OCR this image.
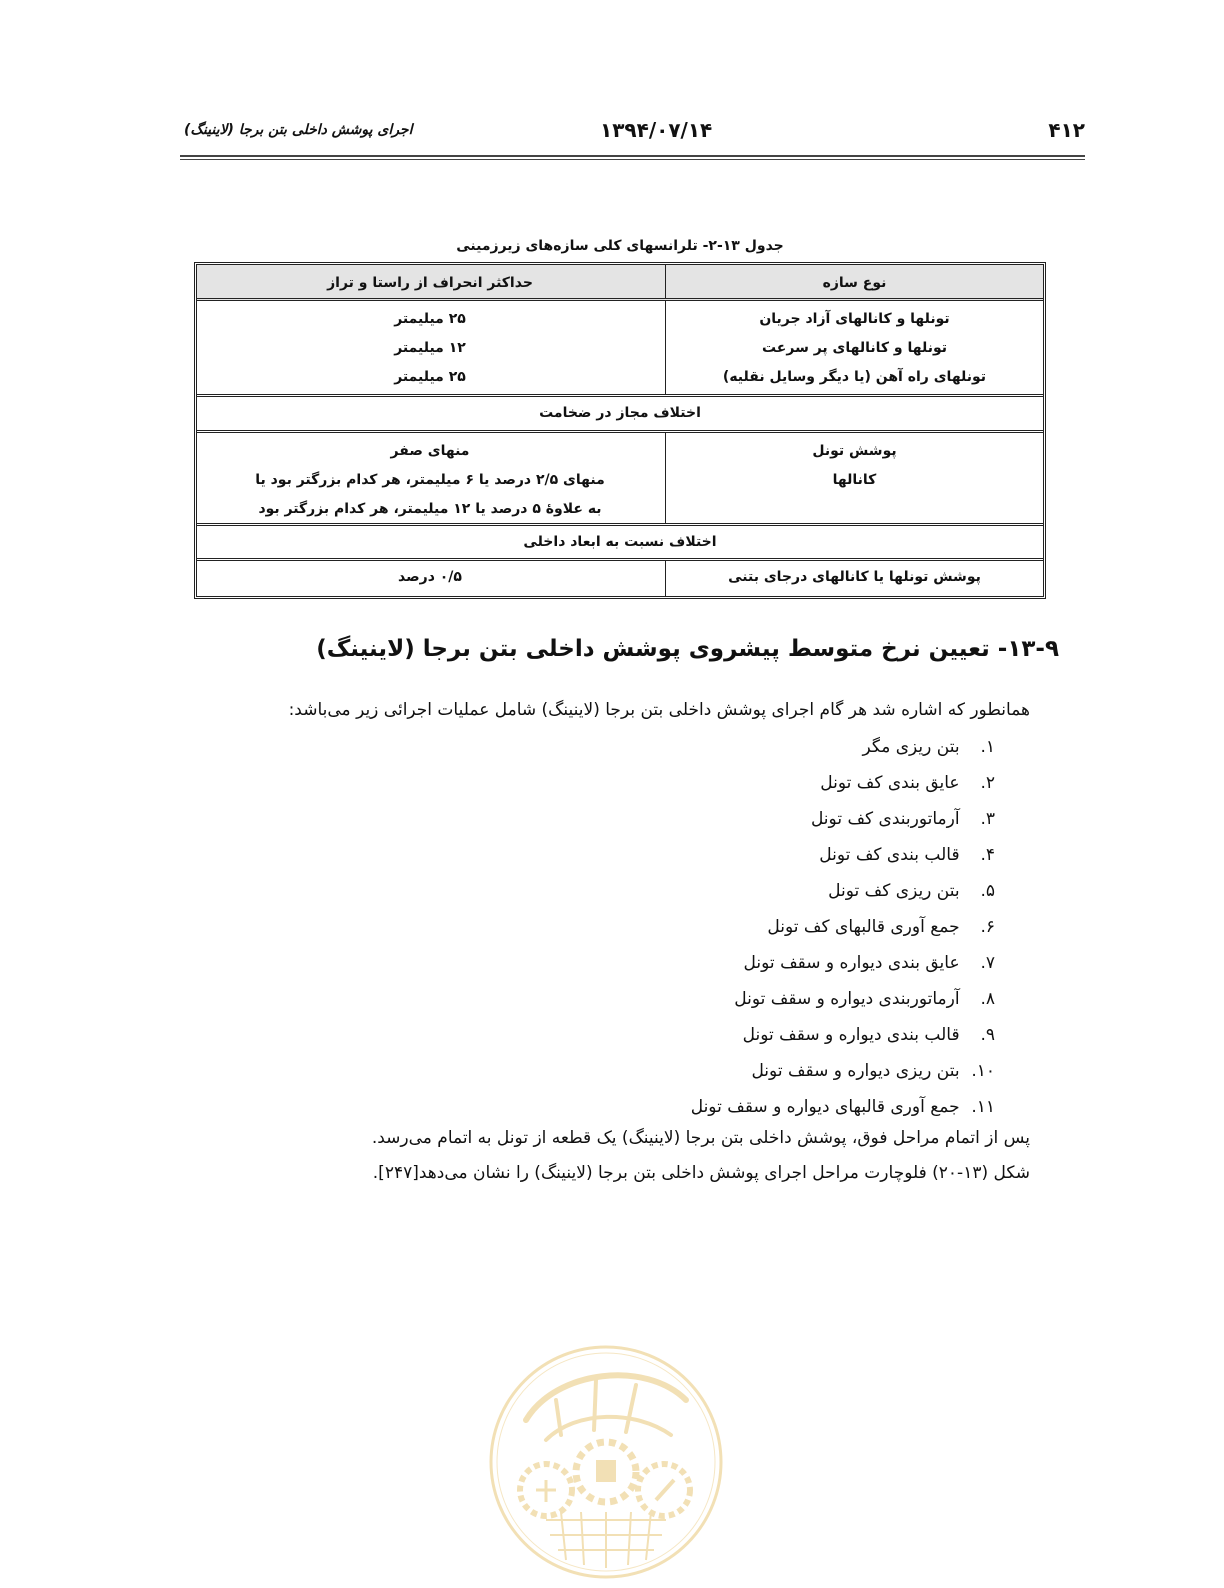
۴۱۲
۱۳۹۴/۰۷/۱۴
اجرای پوشش داخلی بتن برجا (لاینینگ)
جدول ۱۳-۲- تلرانسهای کلی سازه‌های زیرزمینی
نوع سازه
حداکثر انحراف از راستا و تراز
تونلها و کانالهای آزاد جریان
تونلها و کانالهای پر سرعت
تونلهای راه آهن (یا دیگر وسایل نقلیه)
۲۵ میلیمتر
۱۲ میلیمتر
۲۵ میلیمتر
اختلاف مجاز در ضخامت
پوشش تونل
کانالها
منهای صفر
منهای ۲/۵ درصد یا ۶ میلیمتر، هر کدام بزرگتر بود یا
به علاوهٔ ۵ درصد یا ۱۲ میلیمتر، هر کدام بزرگتر بود
اختلاف نسبت به ابعاد داخلی
پوشش تونلها یا کانالهای درجای بتنی
۰/۵ درصد
۱۳-۹- تعیین نرخ متوسط پیشروی پوشش داخلی بتن برجا (لاینینگ)
همانطور که اشاره شد هر گام اجرای پوشش داخلی بتن برجا (لاینینگ) شامل عملیات اجرائی زیر می‌باشد:
۱. بتن ریزی مگر
۲. عایق بندی کف تونل
۳. آرماتوربندی کف تونل
۴. قالب بندی کف تونل
۵. بتن ریزی کف تونل
۶. جمع آوری قالبهای کف تونل
۷. عایق بندی دیواره و سقف تونل
۸. آرماتوربندی دیواره و سقف تونل
۹. قالب بندی دیواره و سقف تونل
۱۰. بتن ریزی دیواره و سقف تونل
۱۱. جمع آوری قالبهای دیواره و سقف تونل
پس از اتمام مراحل فوق، پوشش داخلی بتن برجا (لاینینگ) یک قطعه از تونل به اتمام می‌رسد.
شکل (۱۳-۲۰) فلوچارت مراحل اجرای پوشش داخلی بتن برجا (لاینینگ) را نشان می‌دهد[۲۴۷].
